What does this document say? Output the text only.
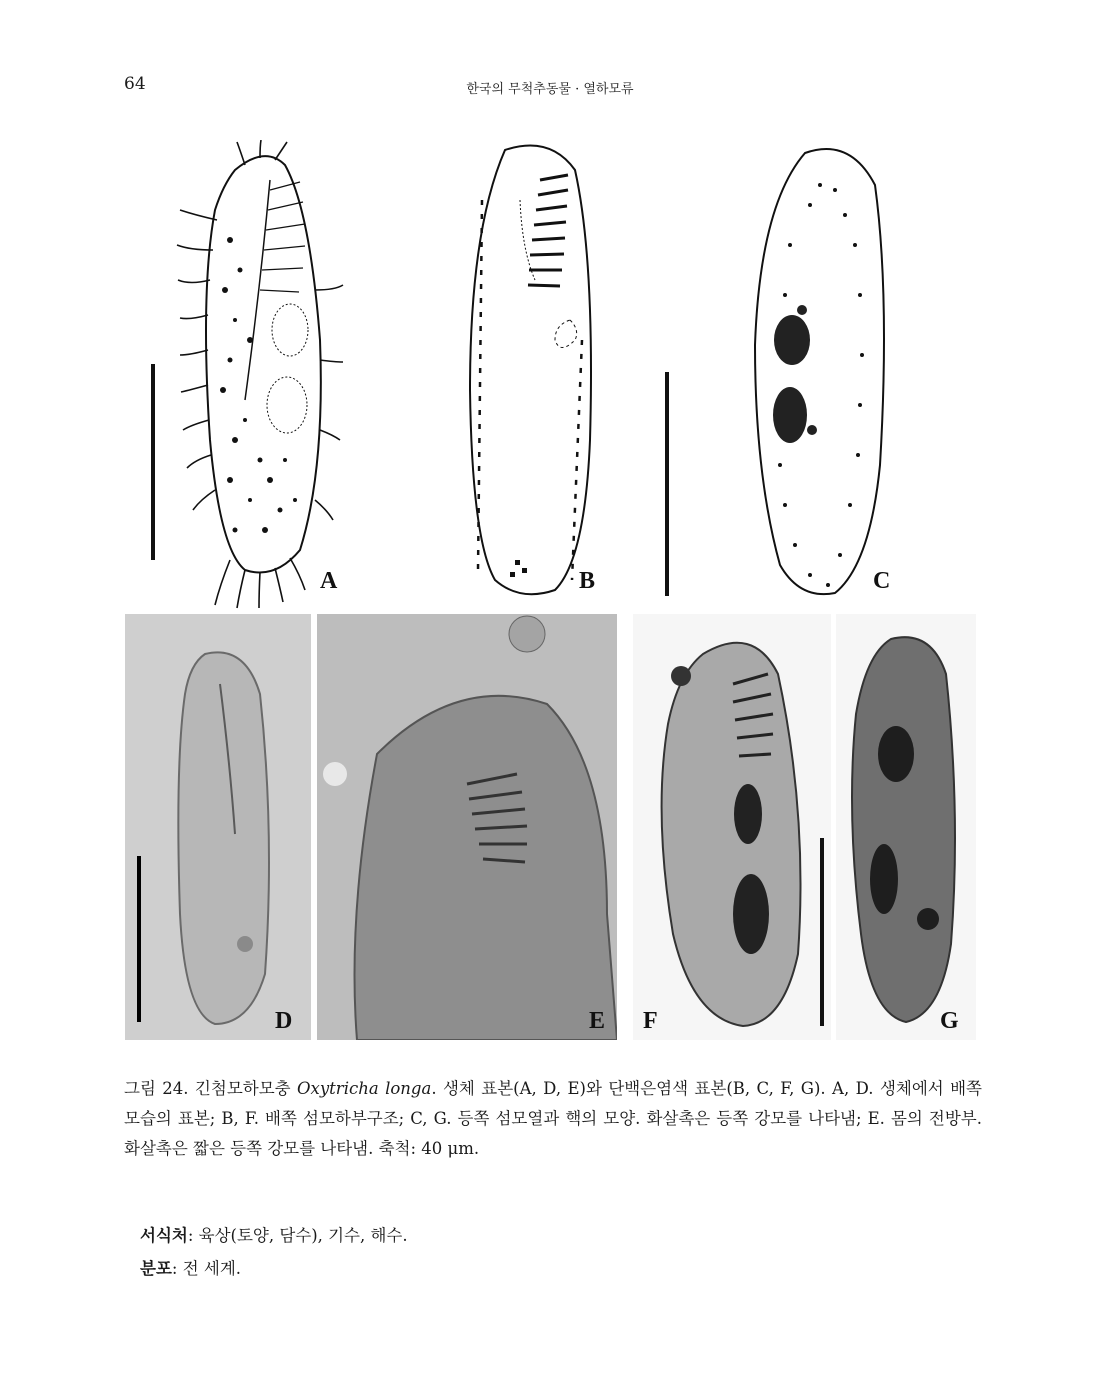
64	한국의 무척추동물 · 열하모류
A	B	C
D	E F	G
그림 24. 긴첨모하모충 Oxytricha longa. 생체 표본(A, D, E)와 단백은염색 표본(B, C, F, G). A, D. 생체에서 배쪽 모습의 표본; B, F. 배쪽 섬모하부구조; C, G. 등쪽 섬모열과 핵의 모양. 화살촉은 등쪽 강모를 나타냄; E. 몸의 전방부. 화살촉은 짧은 등쪽 강모를 나타냄. 축척: 40 μm.
서식처: 육상(토양, 담수), 기수, 해수.
분포: 전 세계.
